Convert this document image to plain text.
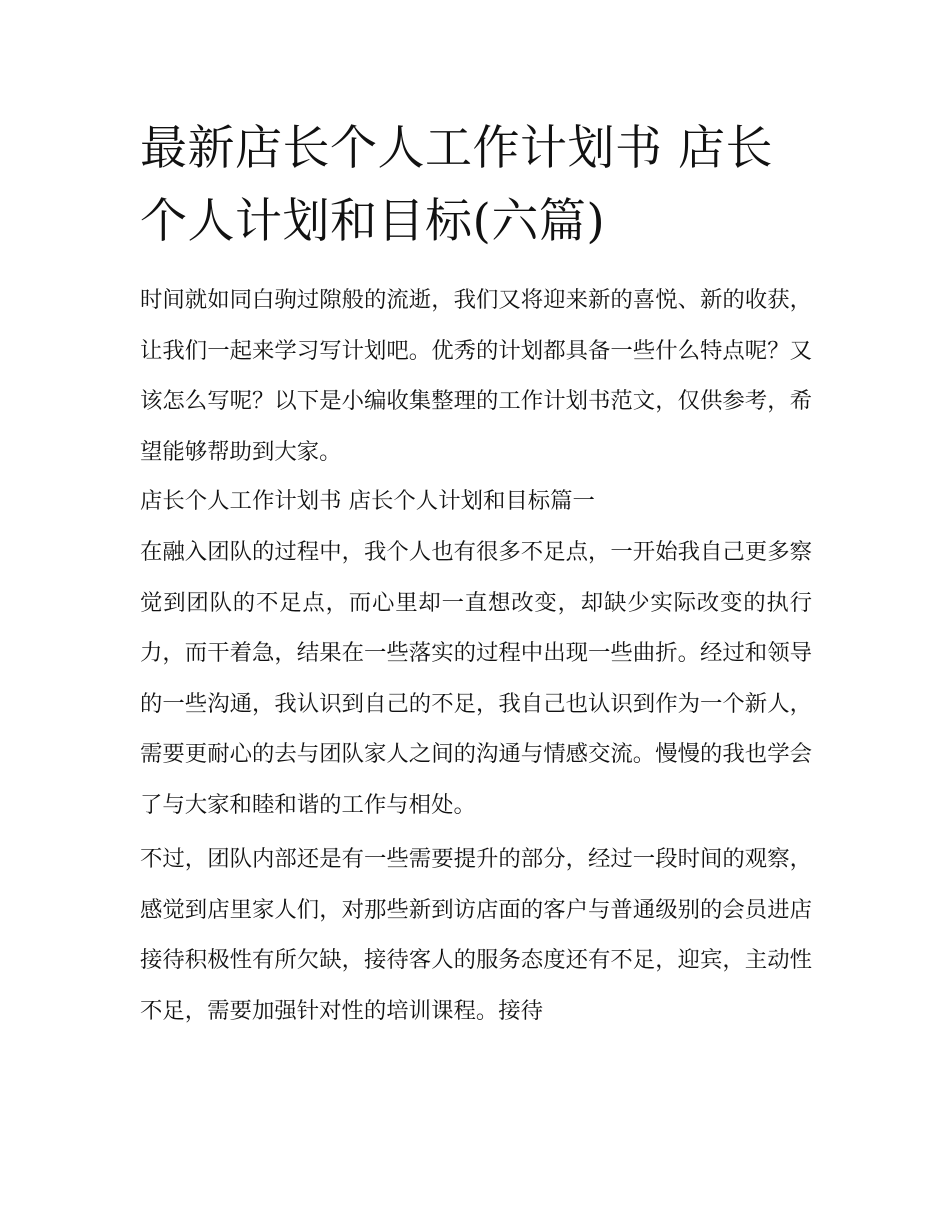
最新店长个人工作计划书 店长个人计划和目标(六篇)

时间就如同白驹过隙般的流逝，我们又将迎来新的喜悦、新的收获，让我们一起来学习写计划吧。优秀的计划都具备一些什么特点呢？又该怎么写呢？以下是小编收集整理的工作计划书范文，仅供参考，希望能够帮助到大家。

店长个人工作计划书 店长个人计划和目标篇一

在融入团队的过程中，我个人也有很多不足点，一开始我自己更多察觉到团队的不足点，而心里却一直想改变，却缺少实际改变的执行力，而干着急，结果在一些落实的过程中出现一些曲折。经过和领导的一些沟通，我认识到自己的不足，我自己也认识到作为一个新人，需要更耐心的去与团队家人之间的沟通与情感交流。慢慢的我也学会了与大家和睦和谐的工作与相处。

不过，团队内部还是有一些需要提升的部分，经过一段时间的观察，感觉到店里家人们，对那些新到访店面的客户与普通级别的会员进店接待积极性有所欠缺，接待客人的服务态度还有不足，迎宾，主动性不足，需要加强针对性的培训课程。接待
